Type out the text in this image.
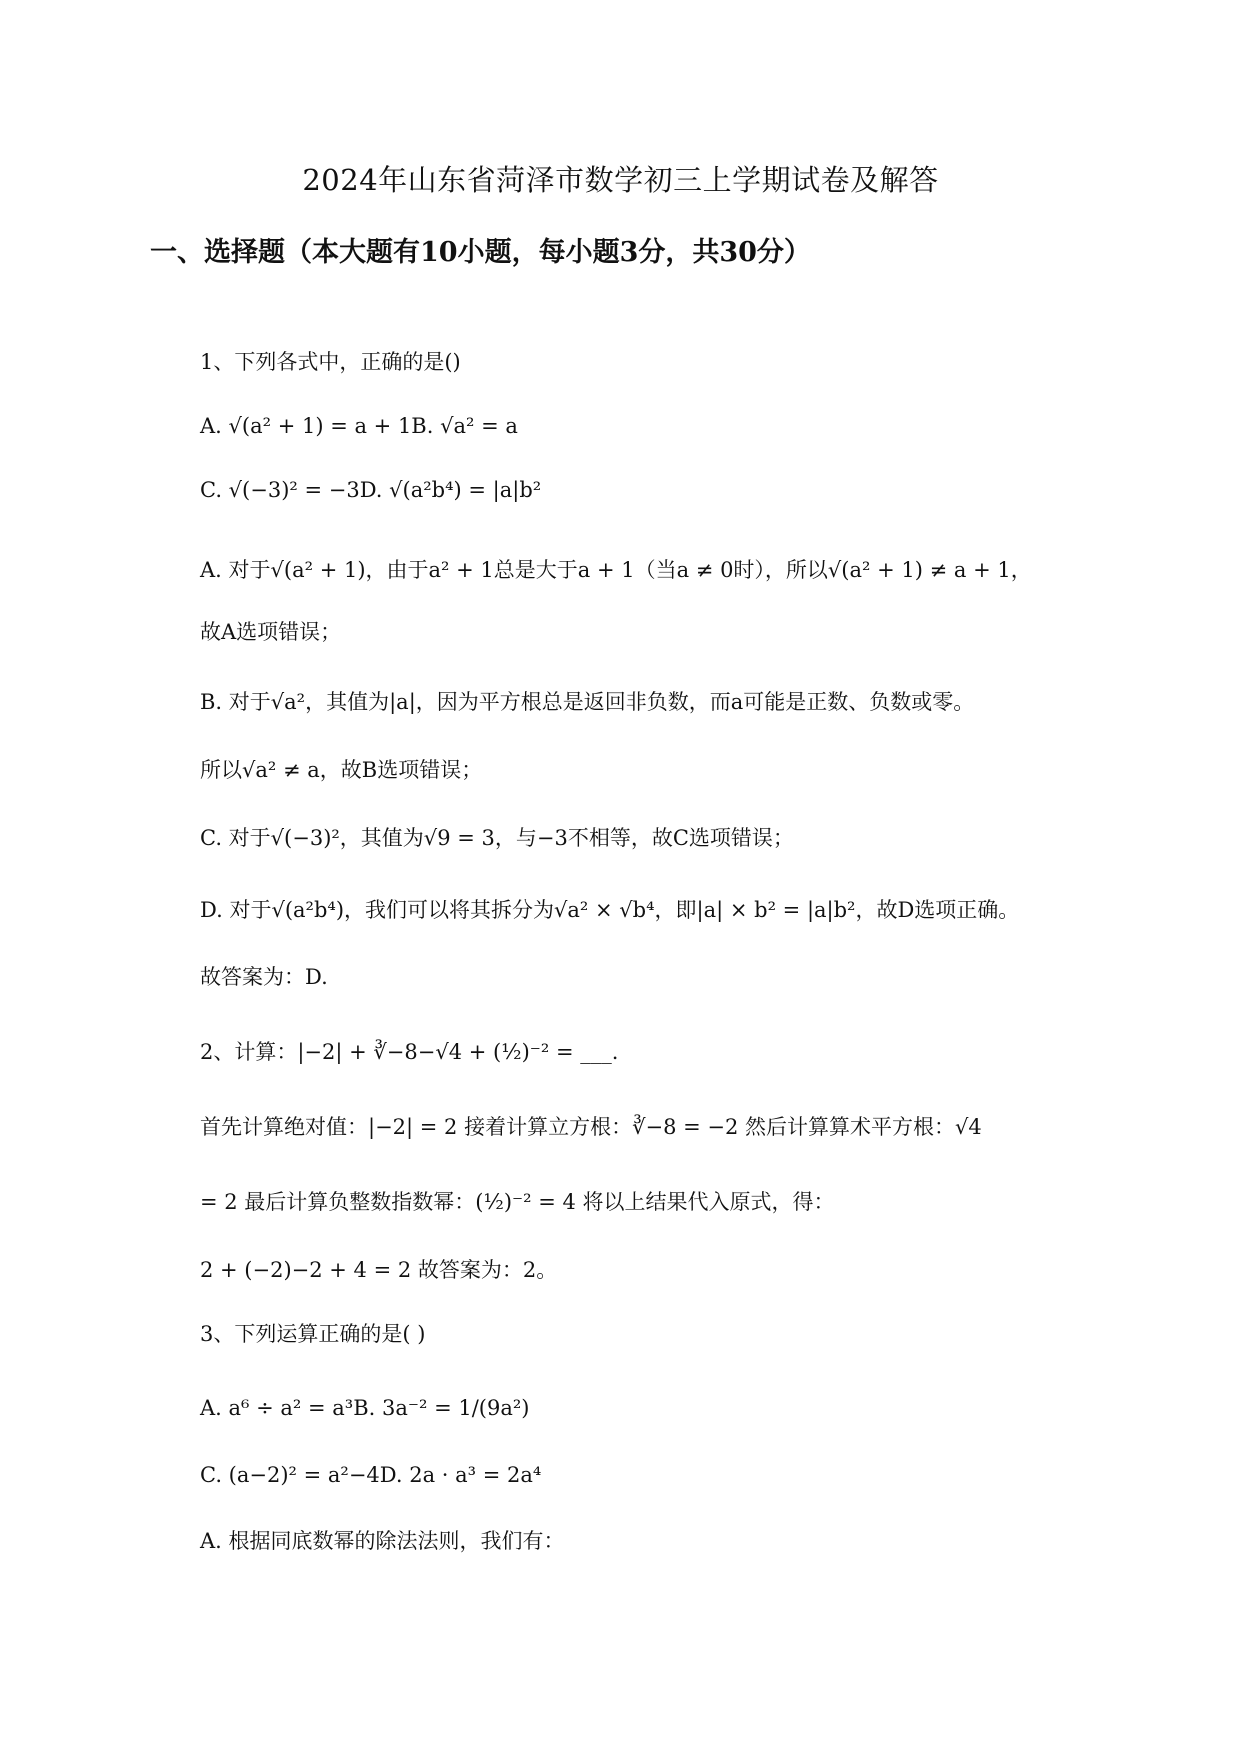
2024年山东省菏泽市数学初三上学期试卷及解答
一、选择题（本大题有10小题，每小题3分，共30分）
1、下列各式中，正确的是()
A. √(a² + 1) = a + 1B. √a² = a
C. √(−3)² = −3D. √(a²b⁴) = |a|b²
A. 对于√(a² + 1)，由于a² + 1总是大于a + 1（当a ≠ 0时），所以√(a² + 1) ≠ a + 1，
故A选项错误；
B. 对于√a²，其值为|a|，因为平方根总是返回非负数，而a可能是正数、负数或零。
所以√a² ≠ a，故B选项错误；
C. 对于√(−3)²，其值为√9 = 3，与−3不相等，故C选项错误；
D. 对于√(a²b⁴)，我们可以将其拆分为√a² × √b⁴，即|a| × b² = |a|b²，故D选项正确。
故答案为：D.
2、计算：|−2| + ∛−8−√4 + (½)⁻² = ___.
首先计算绝对值：|−2| = 2 接着计算立方根：∛−8 = −2 然后计算算术平方根：√4
= 2 最后计算负整数指数幂：(½)⁻² = 4 将以上结果代入原式，得：
2 + (−2)−2 + 4 = 2 故答案为：2。
3、下列运算正确的是( )
A. a⁶ ÷ a² = a³B. 3a⁻² = 1/(9a²)
C. (a−2)² = a²−4D. 2a · a³ = 2a⁴
A. 根据同底数幂的除法法则，我们有：
